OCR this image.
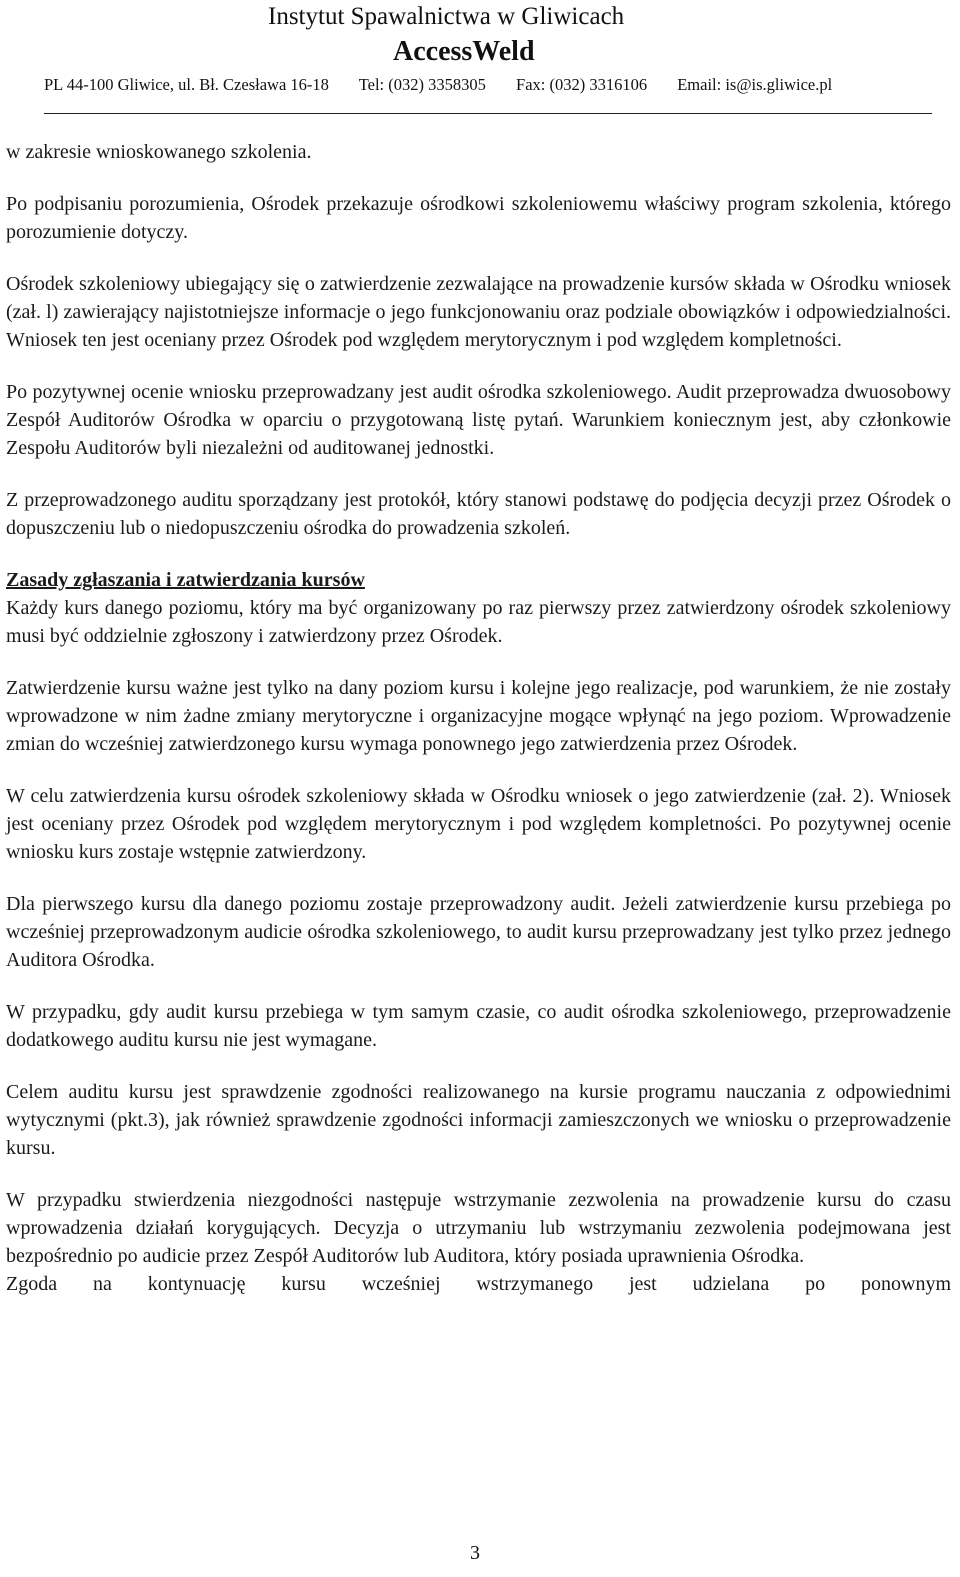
Instytut Spawalnictwa w Gliwicach
AccessWeld
PL 44-100 Gliwice, ul. Bł. Czesława 16-18 Tel: (032) 3358305 Fax: (032) 3316106 Email: is@is.gliwice.pl

w zakresie wnioskowanego szkolenia.

Po podpisaniu porozumienia, Ośrodek przekazuje ośrodkowi szkoleniowemu właściwy program szkolenia, którego porozumienie dotyczy.

Ośrodek szkoleniowy ubiegający się o zatwierdzenie zezwalające na prowadzenie kursów składa w Ośrodku wniosek (zał. l) zawierający najistotniejsze informacje o jego funkcjonowaniu oraz podziale obowiązków i odpowiedzialności. Wniosek ten jest oceniany przez Ośrodek pod względem merytorycznym i pod względem kompletności.

Po pozytywnej ocenie wniosku przeprowadzany jest audit ośrodka szkoleniowego. Audit przeprowadza dwuosobowy Zespół Auditorów Ośrodka w oparciu o przygotowaną listę pytań. Warunkiem koniecznym jest, aby członkowie Zespołu Auditorów byli niezależni od auditowanej jednostki.

Z przeprowadzonego auditu sporządzany jest protokół, który stanowi podstawę do podjęcia decyzji przez Ośrodek o dopuszczeniu lub o niedopuszczeniu ośrodka do prowadzenia szkoleń.

Zasady zgłaszania i zatwierdzania kursów

Każdy kurs danego poziomu, który ma być organizowany po raz pierwszy przez zatwierdzony ośrodek szkoleniowy musi być oddzielnie zgłoszony i zatwierdzony przez Ośrodek.

Zatwierdzenie kursu ważne jest tylko na dany poziom kursu i kolejne jego realizacje, pod warunkiem, że nie zostały wprowadzone w nim żadne zmiany merytoryczne i organizacyjne mogące wpłynąć na jego poziom. Wprowadzenie zmian do wcześniej zatwierdzonego kursu wymaga ponownego jego zatwierdzenia przez Ośrodek.

W celu zatwierdzenia kursu ośrodek szkoleniowy składa w Ośrodku wniosek o jego zatwierdzenie (zał. 2). Wniosek jest oceniany przez Ośrodek pod względem merytorycznym i pod względem kompletności. Po pozytywnej ocenie wniosku kurs zostaje wstępnie zatwierdzony.

Dla pierwszego kursu dla danego poziomu zostaje przeprowadzony audit. Jeżeli zatwierdzenie kursu przebiega po wcześniej przeprowadzonym audicie ośrodka szkoleniowego, to audit kursu przeprowadzany jest tylko przez jednego Auditora Ośrodka.

W przypadku, gdy audit kursu przebiega w tym samym czasie, co audit ośrodka szkoleniowego, przeprowadzenie dodatkowego auditu kursu nie jest wymagane.

Celem auditu kursu jest sprawdzenie zgodności realizowanego na kursie programu nauczania z odpowiednimi wytycznymi (pkt.3), jak również sprawdzenie zgodności informacji zamieszczonych we wniosku o przeprowadzenie kursu.

W przypadku stwierdzenia niezgodności następuje wstrzymanie zezwolenia na prowadzenie kursu do czasu wprowadzenia działań korygujących. Decyzja o utrzymaniu lub wstrzymaniu zezwolenia podejmowana jest bezpośrednio po audicie przez Zespół Auditorów lub Auditora, który posiada uprawnienia Ośrodka.

Zgoda na kontynuację kursu wcześniej wstrzymanego jest udzielana po ponownym

3
